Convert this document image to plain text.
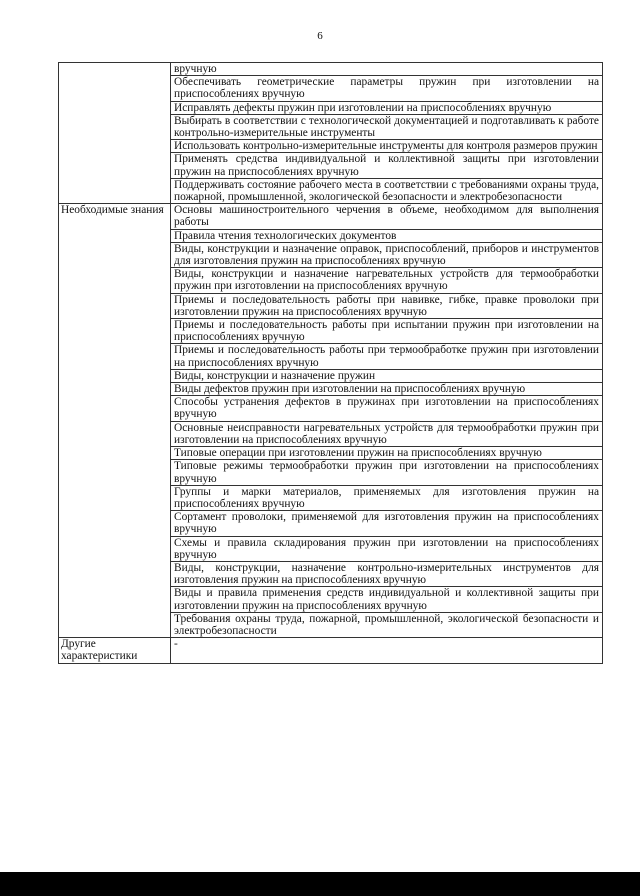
6
	вручную
	Обеспечивать геометрические параметры пружин при изготовлении на приспособлениях вручную
	Исправлять дефекты пружин при изготовлении на приспособлениях вручную
	Выбирать в соответствии с технологической документацией и подготавливать к работе контрольно-измерительные инструменты
	Использовать контрольно-измерительные инструменты для контроля размеров пружин
	Применять средства индивидуальной и коллективной защиты при изготовлении пружин на приспособлениях вручную
	Поддерживать состояние рабочего места в соответствии с требованиями охраны труда, пожарной, промышленной, экологической безопасности и электробезопасности
Необходимые знания	Основы машиностроительного черчения в объеме, необходимом для выполнения работы
	Правила чтения технологических документов
	Виды, конструкции и назначение оправок, приспособлений, приборов и инструментов для изготовления пружин на приспособлениях вручную
	Виды, конструкции и назначение нагревательных устройств для термообработки пружин при изготовлении на приспособлениях вручную
	Приемы и последовательность работы при навивке, гибке, правке проволоки при изготовлении пружин на приспособлениях вручную
	Приемы и последовательность работы при испытании пружин при изготовлении на приспособлениях вручную
	Приемы и последовательность работы при термообработке пружин при изготовлении на приспособлениях вручную
	Виды, конструкции и назначение пружин
	Виды дефектов пружин при изготовлении на приспособлениях вручную
	Способы устранения дефектов в пружинах при изготовлении на приспособлениях вручную
	Основные неисправности нагревательных устройств для термообработки пружин при изготовлении на приспособлениях вручную
	Типовые операции при изготовлении пружин на приспособлениях вручную
	Типовые режимы термообработки пружин при изготовлении на приспособлениях вручную
	Группы и марки материалов, применяемых для изготовления пружин на приспособлениях вручную
	Сортамент проволоки, применяемой для изготовления пружин на приспособлениях вручную
	Схемы и правила складирования пружин при изготовлении на приспособлениях вручную
	Виды, конструкции, назначение контрольно-измерительных инструментов для изготовления пружин на приспособлениях вручную
	Виды и правила применения средств индивидуальной и коллективной защиты при изготовлении пружин на приспособлениях вручную
	Требования охраны труда, пожарной, промышленной, экологической безопасности и электробезопасности
Другие характеристики	-
